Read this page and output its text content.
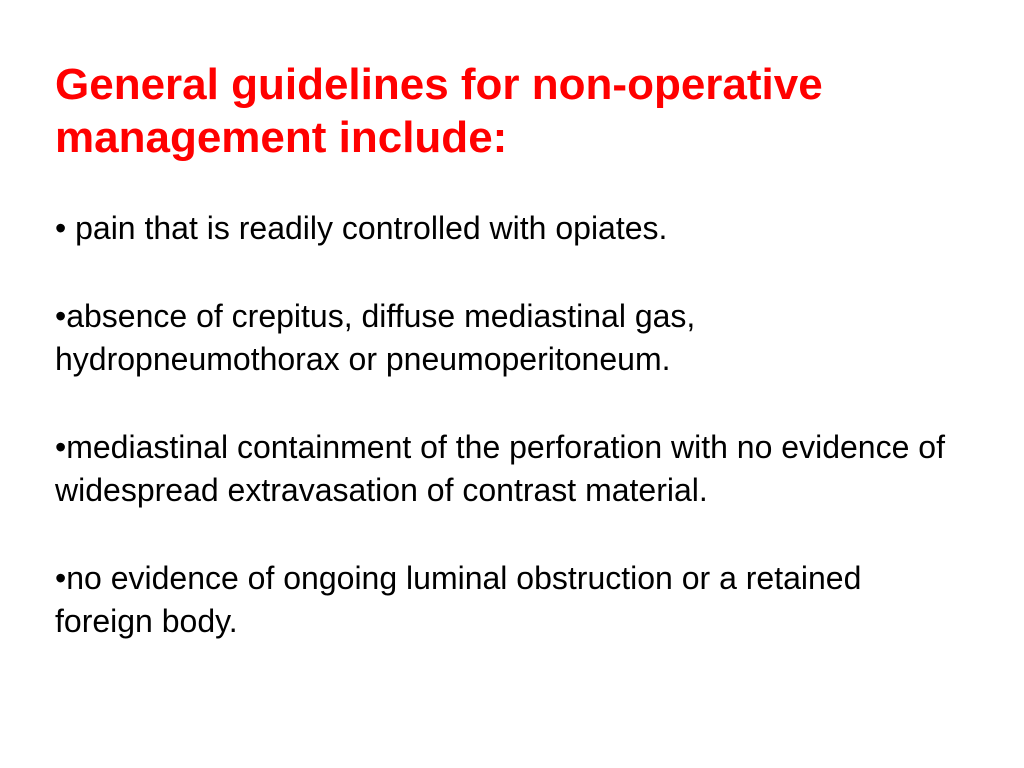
General guidelines for non-operative management include:
• pain that is readily controlled with opiates.
•absence of crepitus, diffuse mediastinal gas, hydropneumothorax or pneumoperitoneum.
•mediastinal containment of the perforation with no evidence of widespread extravasation of contrast material.
•no evidence of ongoing luminal obstruction or a retained foreign body.
